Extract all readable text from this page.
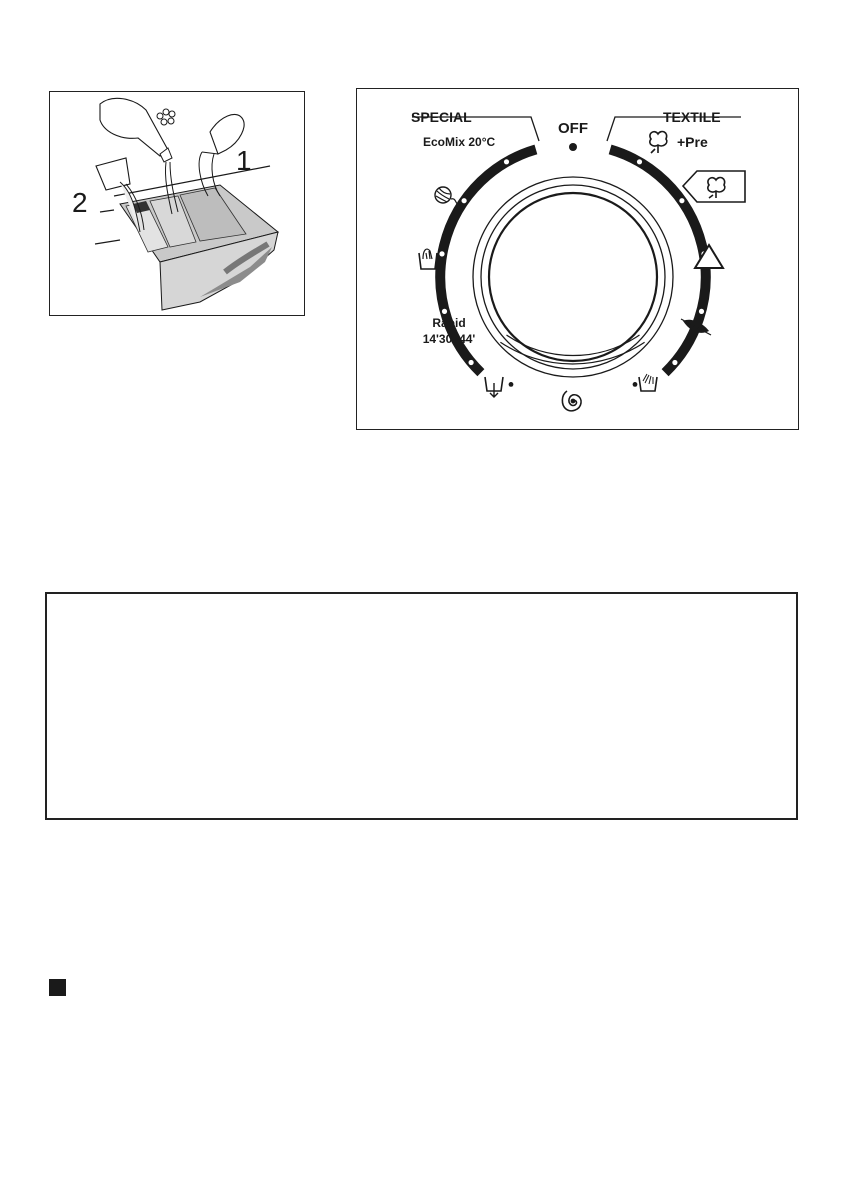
1
2
OFF
SPECIAL	TEXTILE
EcoMix 20°C	+Pre
Rapid
14'30'-44'
